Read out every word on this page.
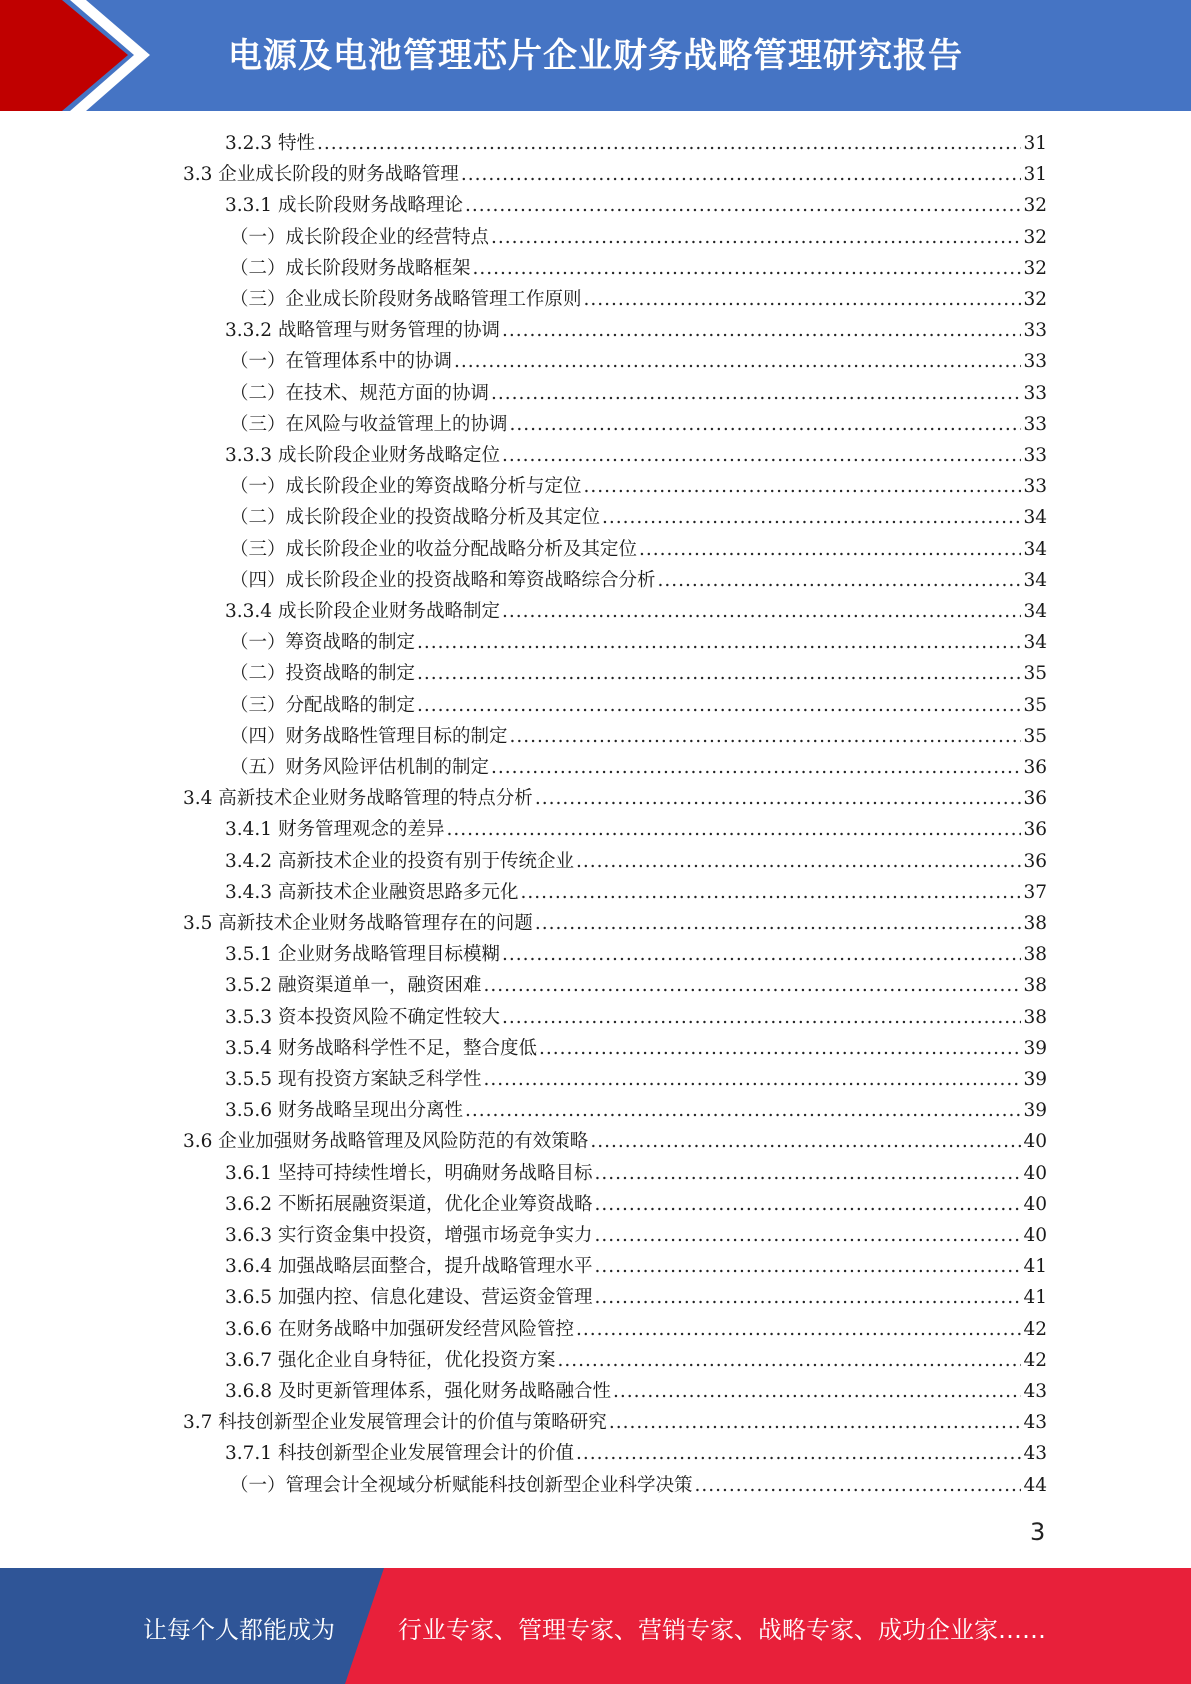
电源及电池管理芯片企业财务战略管理研究报告
3.2.3 特性 .....	31
3.3 企业成长阶段的财务战略管理 .....	31
3.3.1 成长阶段财务战略理论 .....	32
（一）成长阶段企业的经营特点 .....	32
（二）成长阶段财务战略框架 .....	32
（三）企业成长阶段财务战略管理工作原则 .....	32
3.3.2 战略管理与财务管理的协调 .....	33
（一）在管理体系中的协调 .....	33
（二）在技术、规范方面的协调 .....	33
（三）在风险与收益管理上的协调 .....	33
3.3.3 成长阶段企业财务战略定位 .....	33
（一）成长阶段企业的筹资战略分析与定位 .....	33
（二）成长阶段企业的投资战略分析及其定位 .....	34
（三）成长阶段企业的收益分配战略分析及其定位 .....	34
（四）成长阶段企业的投资战略和筹资战略综合分析 .....	34
3.3.4 成长阶段企业财务战略制定 .....	34
（一）筹资战略的制定 .....	34
（二）投资战略的制定 .....	35
（三）分配战略的制定 .....	35
（四）财务战略性管理目标的制定 .....	35
（五）财务风险评估机制的制定 .....	36
3.4 高新技术企业财务战略管理的特点分析 .....	36
3.4.1 财务管理观念的差异 .....	36
3.4.2 高新技术企业的投资有别于传统企业 .....	36
3.4.3 高新技术企业融资思路多元化 .....	37
3.5 高新技术企业财务战略管理存在的问题 .....	38
3.5.1 企业财务战略管理目标模糊 .....	38
3.5.2 融资渠道单一，融资困难 .....	38
3.5.3 资本投资风险不确定性较大 .....	38
3.5.4 财务战略科学性不足，整合度低 .....	39
3.5.5 现有投资方案缺乏科学性 .....	39
3.5.6 财务战略呈现出分离性 .....	39
3.6 企业加强财务战略管理及风险防范的有效策略 .....	40
3.6.1 坚持可持续性增长，明确财务战略目标 .....	40
3.6.2 不断拓展融资渠道，优化企业筹资战略 .....	40
3.6.3 实行资金集中投资，增强市场竞争实力 .....	40
3.6.4 加强战略层面整合，提升战略管理水平 .....	41
3.6.5 加强内控、信息化建设、营运资金管理 .....	41
3.6.6 在财务战略中加强研发经营风险管控 .....	42
3.6.7 强化企业自身特征，优化投资方案 .....	42
3.6.8 及时更新管理体系，强化财务战略融合性 .....	43
3.7 科技创新型企业发展管理会计的价值与策略研究 .....	43
3.7.1 科技创新型企业发展管理会计的价值 .....	43
（一）管理会计全视域分析赋能科技创新型企业科学决策 .....	44
3
让每个人都能成为	行业专家、管理专家、营销专家、战略专家、成功企业家……
